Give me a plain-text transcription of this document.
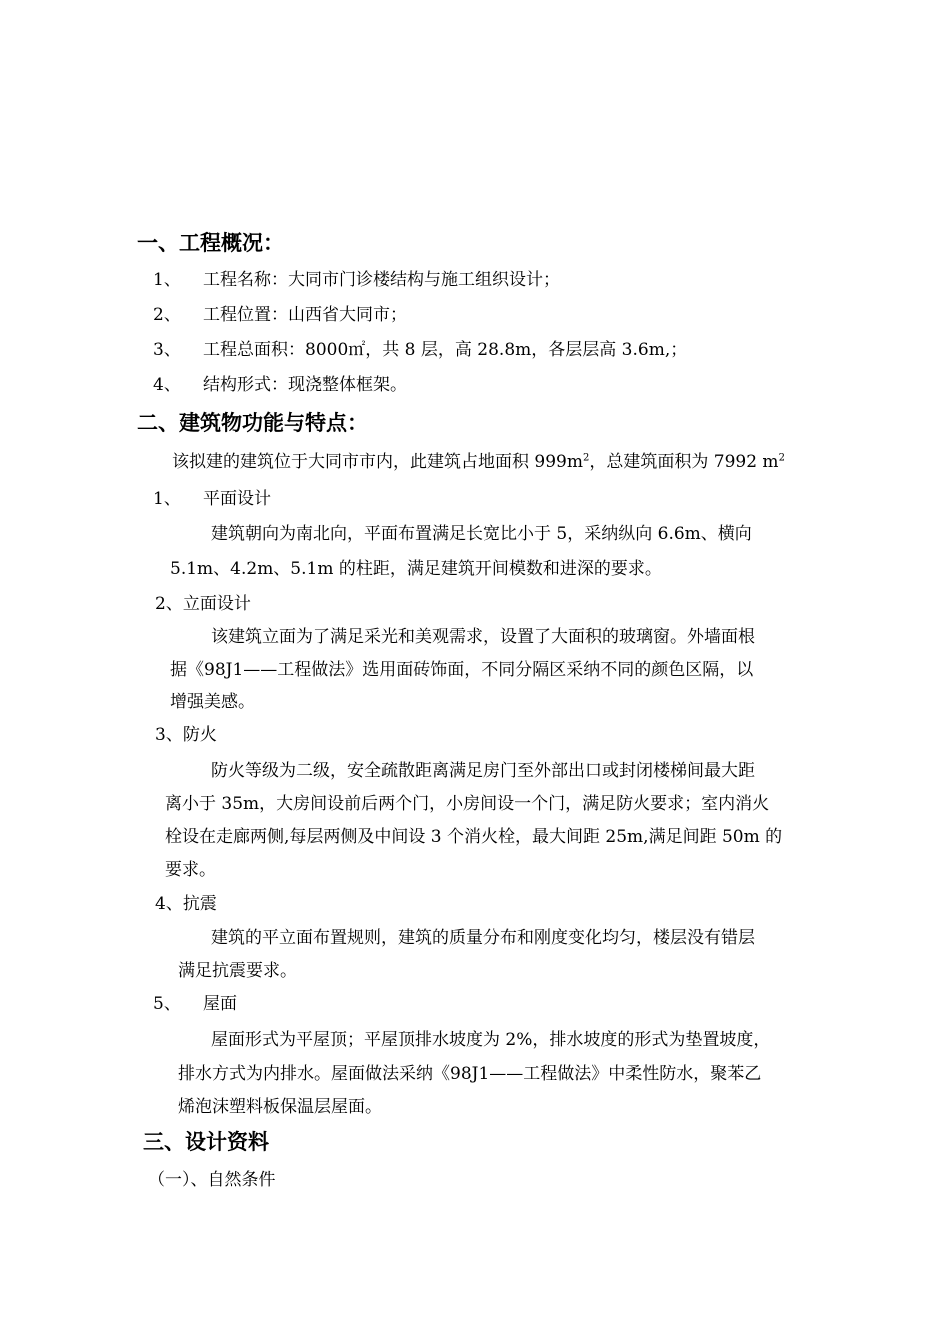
一、工程概况：
1、 工程名称：大同市门诊楼结构与施工组织设计；
2、 工程位置：山西省大同市；
3、 工程总面积：8000㎡，共 8 层，高 28.8m，各层层高 3.6m,；
4、 结构形式：现浇整体框架。
二、建筑物功能与特点：
该拟建的建筑位于大同市市内，此建筑占地面积 $999m^2$，总建筑面积为 7992 $m^2$
1、 平面设计
建筑朝向为南北向，平面布置满足长宽比小于 5，采纳纵向 6.6m、横向
5.1m、4.2m、5.1m 的柱距，满足建筑开间模数和进深的要求。
2、立面设计
该建筑立面为了满足采光和美观需求，设置了大面积的玻璃窗。外墙面根
据《98J1——工程做法》选用面砖饰面，不同分隔区采纳不同的颜色区隔，以
增强美感。
3、防火
防火等级为二级，安全疏散距离满足房门至外部出口或封闭楼梯间最大距
离小于 35m，大房间设前后两个门，小房间设一个门，满足防火要求；室内消火
栓设在走廊两侧,每层两侧及中间设 3 个消火栓，最大间距 25m,满足间距 50m 的
要求。
4、抗震
建筑的平立面布置规则，建筑的质量分布和刚度变化均匀，楼层没有错层
满足抗震要求。
5、 屋面
屋面形式为平屋顶；平屋顶排水坡度为 2%，排水坡度的形式为垫置坡度，
排水方式为内排水。屋面做法采纳《98J1——工程做法》中柔性防水，聚苯乙
烯泡沫塑料板保温层屋面。
三、设计资料
（一）、自然条件
